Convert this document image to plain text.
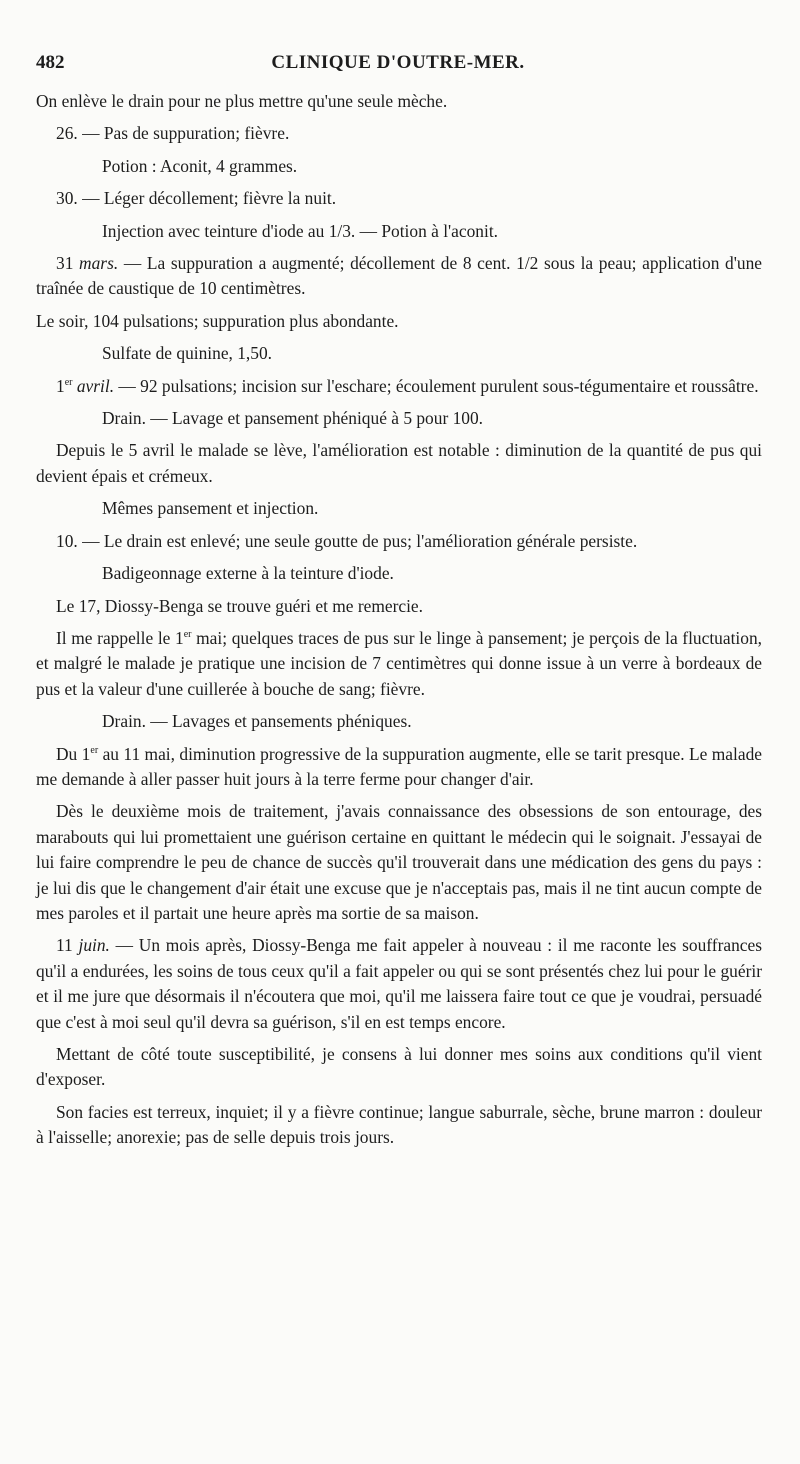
482	CLINIQUE D'OUTRE-MER.

On enlève le drain pour ne plus mettre qu'une seule mèche.

26. — Pas de suppuration; fièvre.

Potion : Aconit, 4 grammes.

30. — Léger décollement; fièvre la nuit.

Injection avec teinture d'iode au 1/3. — Potion à l'aconit.

31 mars. — La suppuration a augmenté; décollement de 8 cent. 1/2 sous la peau; application d'une traînée de caustique de 10 centimètres.

Le soir, 104 pulsations; suppuration plus abondante.

Sulfate de quinine, 1,50.

1er avril. — 92 pulsations; incision sur l'eschare; écoulement purulent sous-tégumentaire et roussâtre.

Drain. — Lavage et pansement phéniqué à 5 pour 100.

Depuis le 5 avril le malade se lève, l'amélioration est notable : diminution de la quantité de pus qui devient épais et crémeux.

Mêmes pansement et injection.

10. — Le drain est enlevé; une seule goutte de pus; l'amélioration générale persiste.

Badigeonnage externe à la teinture d'iode.

Le 17, Diossy-Benga se trouve guéri et me remercie.

Il me rappelle le 1er mai; quelques traces de pus sur le linge à pansement; je perçois de la fluctuation, et malgré le malade je pratique une incision de 7 centimètres qui donne issue à un verre à bordeaux de pus et la valeur d'une cuillerée à bouche de sang; fièvre.

Drain. — Lavages et pansements phéniques.

Du 1er au 11 mai, diminution progressive de la suppuration augmente, elle se tarit presque. Le malade me demande à aller passer huit jours à la terre ferme pour changer d'air.

Dès le deuxième mois de traitement, j'avais connaissance des obsessions de son entourage, des marabouts qui lui promettaient une guérison certaine en quittant le médecin qui le soignait. J'essayai de lui faire comprendre le peu de chance de succès qu'il trouverait dans une médication des gens du pays : je lui dis que le changement d'air était une excuse que je n'acceptais pas, mais il ne tint aucun compte de mes paroles et il partait une heure après ma sortie de sa maison.

11 juin. — Un mois après, Diossy-Benga me fait appeler à nouveau : il me raconte les souffrances qu'il a endurées, les soins de tous ceux qu'il a fait appeler ou qui se sont présentés chez lui pour le guérir et il me jure que désormais il n'écoutera que moi, qu'il me laissera faire tout ce que je voudrai, persuadé que c'est à moi seul qu'il devra sa guérison, s'il en est temps encore.

Mettant de côté toute susceptibilité, je consens à lui donner mes soins aux conditions qu'il vient d'exposer.

Son facies est terreux, inquiet; il y a fièvre continue; langue saburrale, sèche, brune marron : douleur à l'aisselle; anorexie; pas de selle depuis trois jours.
